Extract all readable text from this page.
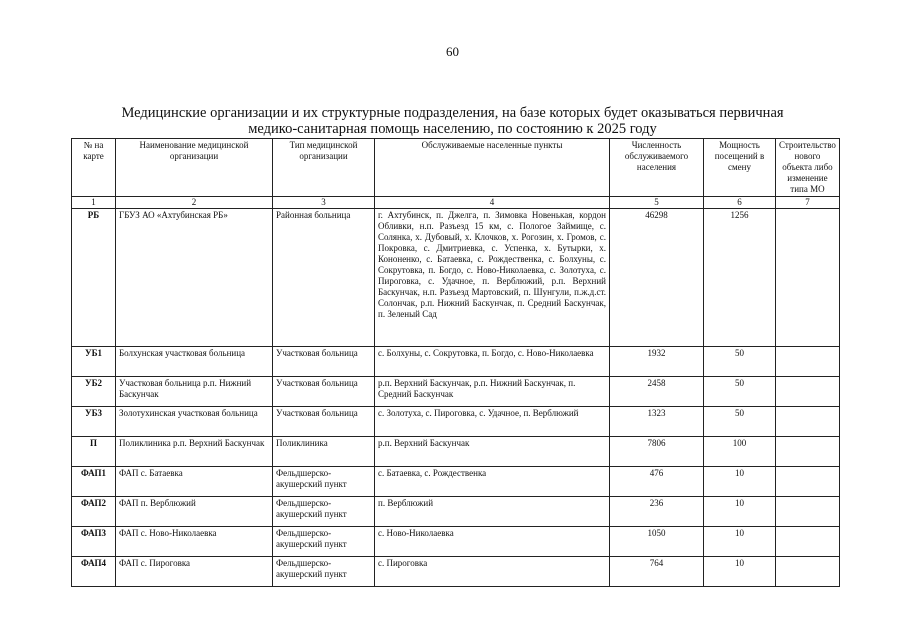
60
Медицинские организации и их структурные подразделения, на базе которых будет оказываться первичная медико-санитарная помощь населению, по состоянию к 2025 году
№ на карте	Наименование медицинской организации	Тип медицинской организации	Обслуживаемые населенные пункты	Численность обслуживаемого населения	Мощность посещений в смену	Строительство нового объекта либо изменение типа МО
1	2	3	4	5	6	7
РБ	ГБУЗ АО «Ахтубинская РБ»	Районная больница	г. Ахтубинск, п. Джелга, п. Зимовка Новенькая, кордон Обливки, н.п. Разъезд 15 км, с. Пологое Займище, с. Солянка, х. Дубовый, х. Клочков, х. Рогозин, х. Громов, с. Покровка, с. Дмитриевка, с. Успенка, х. Бутырки, х. Кононенко, с. Батаевка, с. Рождественка, с. Болхуны, с. Сокрутовка, п. Богдо, с. Ново-Николаевка, с. Золотуха, с. Пироговка, с. Удачное, п. Верблюжий, р.п. Верхний Баскунчак, н.п. Разъезд Мартовский, п. Шунгули, п.ж.д.ст. Солончак, р.п. Нижний Баскунчак, п. Средний Баскунчак, п. Зеленый Сад	46298	1256	
УБ1	Болхунская участковая больница	Участковая больница	с. Болхуны, с. Сокрутовка, п. Богдо, с. Ново-Николаевка	1932	50	
УБ2	Участковая больница р.п. Нижний Баскунчак	Участковая больница	р.п. Верхний Баскунчак, р.п. Нижний Баскунчак, п. Средний Баскунчак	2458	50	
УБ3	Золотухинская участковая больница	Участковая больница	с. Золотуха, с. Пироговка, с. Удачное, п. Верблюжий	1323	50	
П	Поликлиника р.п. Верхний Баскунчак	Поликлиника	р.п. Верхний Баскунчак	7806	100	
ФАП1	ФАП с. Батаевка	Фельдшерско-акушерский пункт	с. Батаевка, с. Рождественка	476	10	
ФАП2	ФАП п. Верблюжий	Фельдшерско-акушерский пункт	п. Верблюжий	236	10	
ФАП3	ФАП с. Ново-Николаевка	Фельдшерско-акушерский пункт	с. Ново-Николаевка	1050	10	
ФАП4	ФАП с. Пироговка	Фельдшерско-акушерский пункт	с. Пироговка	764	10	
